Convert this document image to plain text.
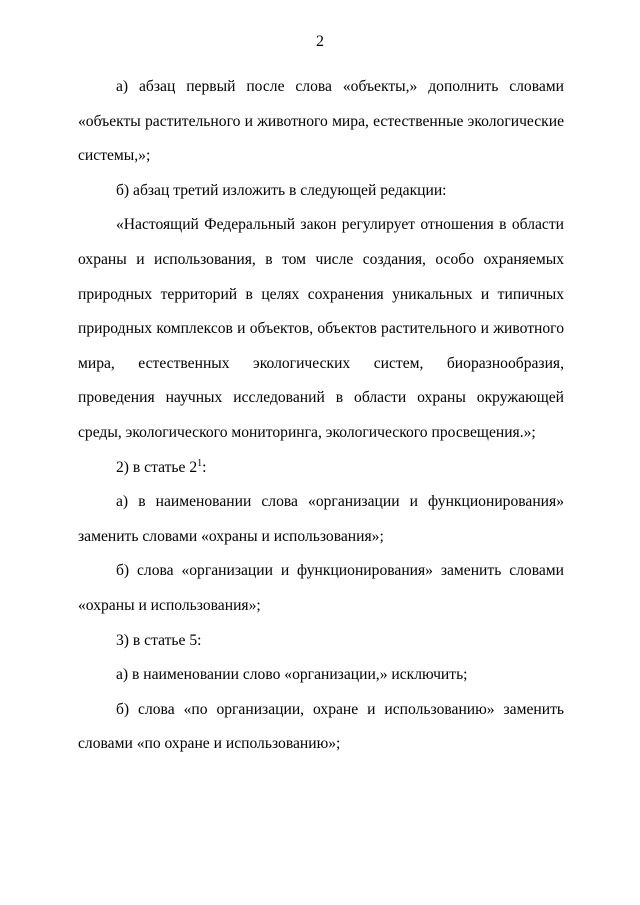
2

а) абзац первый после слова «объекты,» дополнить словами «объекты растительного и животного мира, естественные экологические системы,»;

б) абзац третий изложить в следующей редакции:

«Настоящий Федеральный закон регулирует отношения в области охраны и использования, в том числе создания, особо охраняемых природных территорий в целях сохранения уникальных и типичных природных комплексов и объектов, объектов растительного и животного мира, естественных экологических систем, биоразнообразия, проведения научных исследований в области охраны окружающей среды, экологического мониторинга, экологического просвещения.»;

2) в статье $2^1$:

а) в наименовании слова «организации и функционирования» заменить словами «охраны и использования»;

б) слова «организации и функционирования» заменить словами «охраны и использования»;

3) в статье 5:

а) в наименовании слово «организации,» исключить;

б) слова «по организации, охране и использованию» заменить словами «по охране и использованию»;
